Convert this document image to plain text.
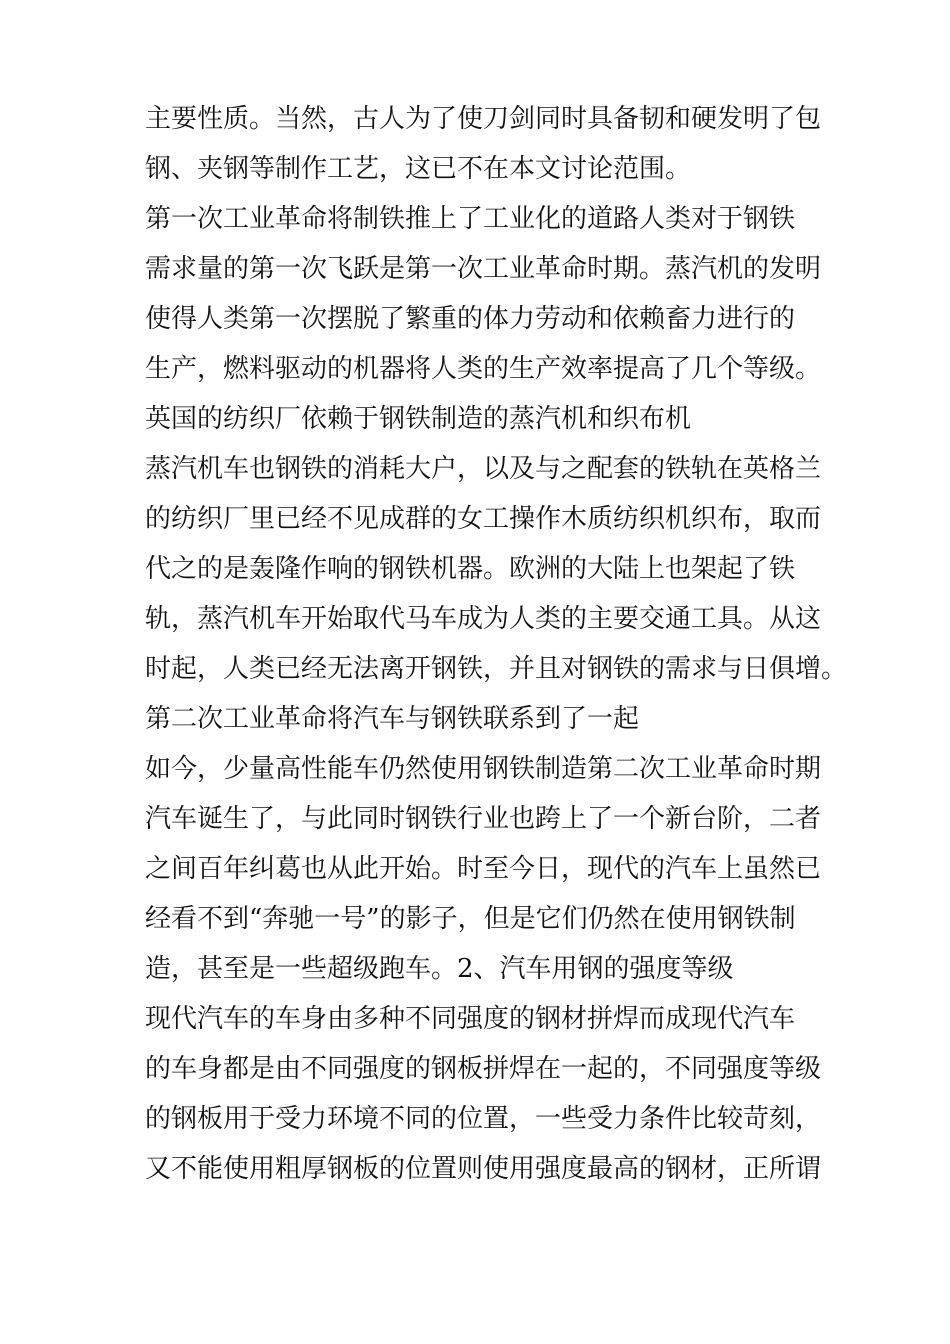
主要性质。当然，古人为了使刀剑同时具备韧和硬发明了包
钢、夹钢等制作工艺，这已不在本文讨论范围。
第一次工业革命将制铁推上了工业化的道路人类对于钢铁
需求量的第一次飞跃是第一次工业革命时期。蒸汽机的发明
使得人类第一次摆脱了繁重的体力劳动和依赖畜力进行的
生产，燃料驱动的机器将人类的生产效率提高了几个等级。
英国的纺织厂依赖于钢铁制造的蒸汽机和织布机
蒸汽机车也钢铁的消耗大户，以及与之配套的铁轨在英格兰
的纺织厂里已经不见成群的女工操作木质纺织机织布，取而
代之的是轰隆作响的钢铁机器。欧洲的大陆上也架起了铁
轨，蒸汽机车开始取代马车成为人类的主要交通工具。从这
时起，人类已经无法离开钢铁，并且对钢铁的需求与日俱增。
第二次工业革命将汽车与钢铁联系到了一起
如今，少量高性能车仍然使用钢铁制造第二次工业革命时期
汽车诞生了，与此同时钢铁行业也跨上了一个新台阶，二者
之间百年纠葛也从此开始。时至今日，现代的汽车上虽然已
经看不到“奔驰一号”的影子，但是它们仍然在使用钢铁制
造，甚至是一些超级跑车。2、汽车用钢的强度等级
现代汽车的车身由多种不同强度的钢材拼焊而成现代汽车
的车身都是由不同强度的钢板拼焊在一起的，不同强度等级
的钢板用于受力环境不同的位置，一些受力条件比较苛刻，
又不能使用粗厚钢板的位置则使用强度最高的钢材，正所谓
